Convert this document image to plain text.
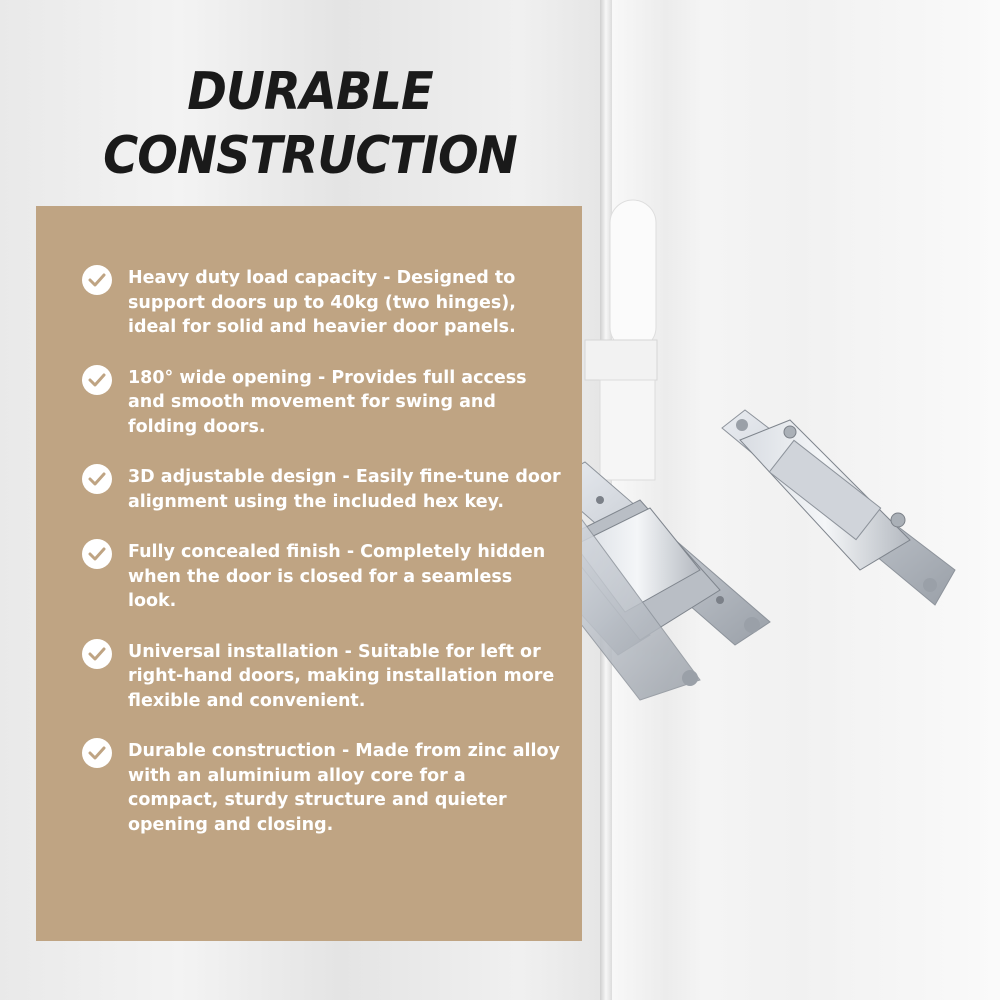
DURABLE
CONSTRUCTION
Heavy duty load capacity - Designed to support doors up to 40kg (two hinges), ideal for solid and heavier door panels.
180° wide opening - Provides full access and smooth movement for swing and folding doors.
3D adjustable design - Easily fine-tune door alignment using the included hex key.
Fully concealed finish - Completely hidden when the door is closed for a seamless look.
Universal installation - Suitable for left or right-hand doors, making installation more flexible and convenient.
Durable construction - Made from zinc alloy with an aluminium alloy core for a compact, sturdy structure and quieter opening and closing.
